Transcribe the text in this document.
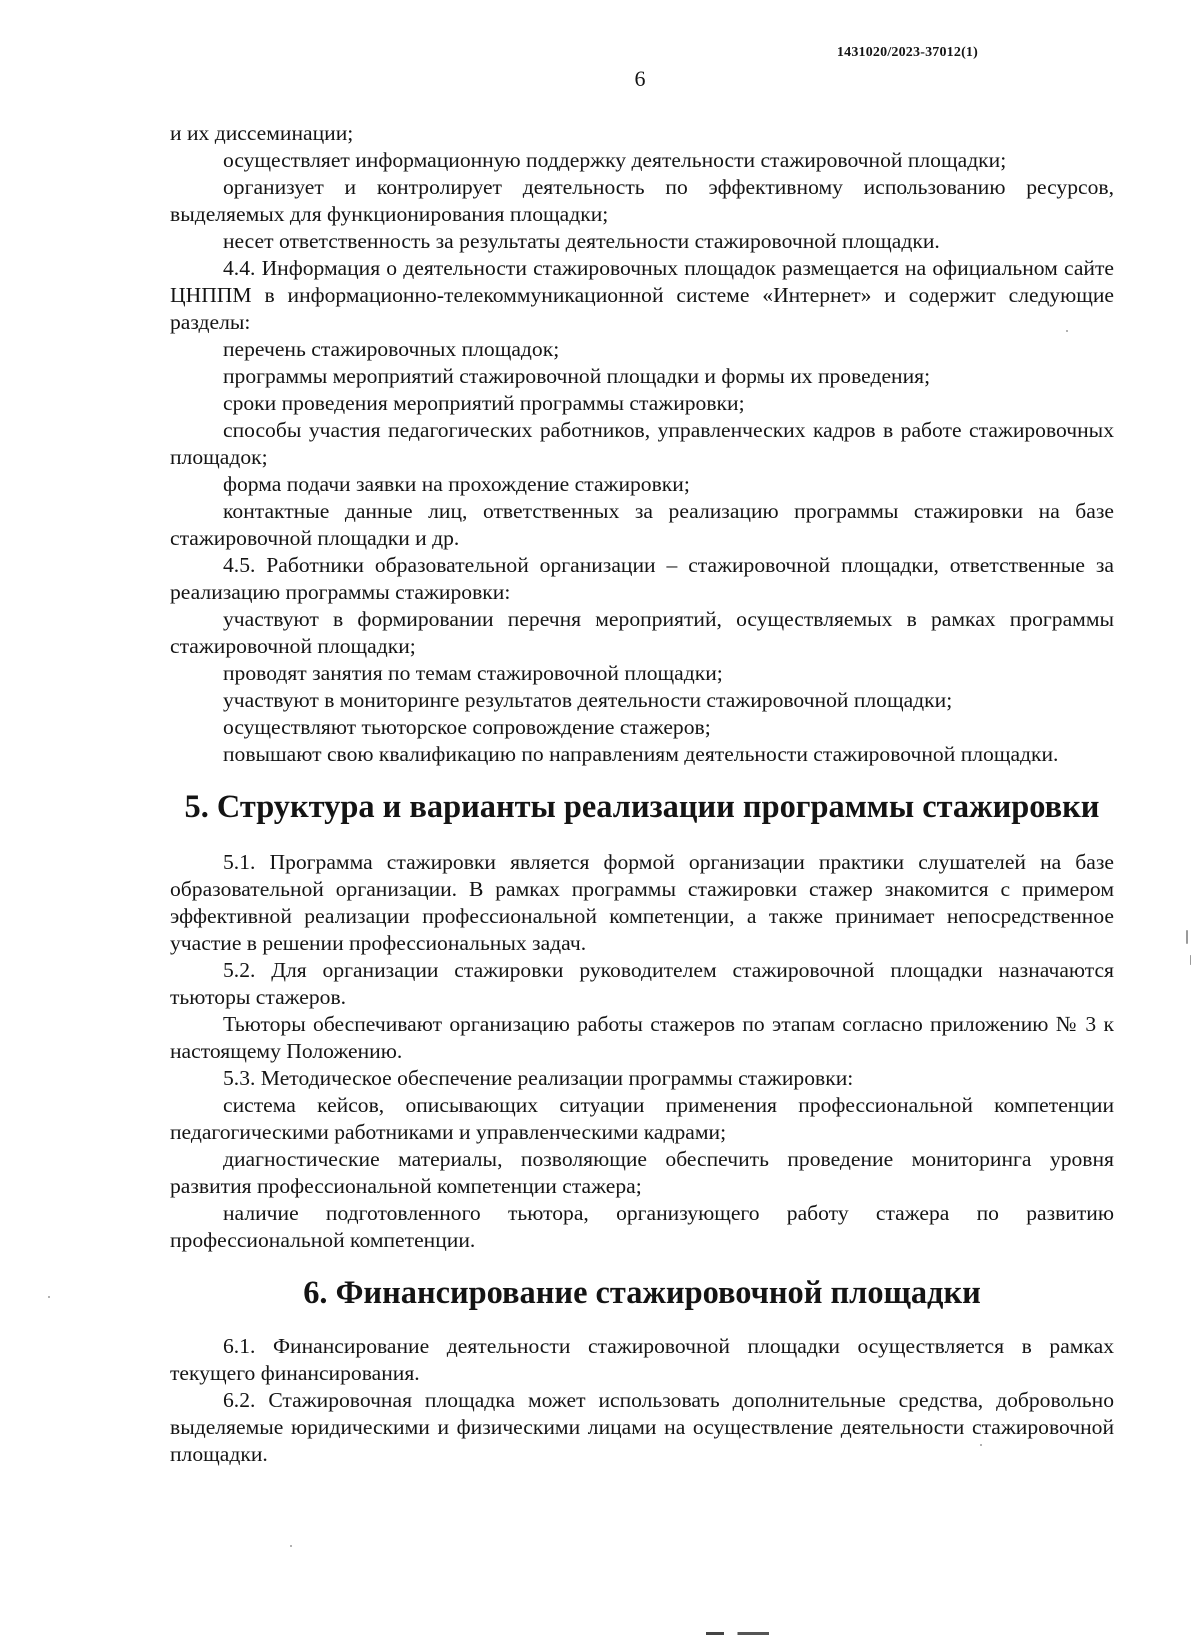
1431020/2023-37012(1)
6

и их диссеминации;

осуществляет информационную поддержку деятельности стажировочной площадки;

организует и контролирует деятельность по эффективному использованию ресурсов, выделяемых для функционирования площадки;

несет ответственность за результаты деятельности стажировочной площадки.

4.4. Информация о деятельности стажировочных площадок размещается на официальном сайте ЦНППМ в информационно-телекоммуникационной системе «Интернет» и содержит следующие разделы:

перечень стажировочных площадок;

программы мероприятий стажировочной площадки и формы их проведения;

сроки проведения мероприятий программы стажировки;

способы участия педагогических работников, управленческих кадров в работе стажировочных площадок;

форма подачи заявки на прохождение стажировки;

контактные данные лиц, ответственных за реализацию программы стажировки на базе стажировочной площадки и др.

4.5. Работники образовательной организации – стажировочной площадки, ответственные за реализацию программы стажировки:

участвуют в формировании перечня мероприятий, осуществляемых в рамках программы стажировочной площадки;

проводят занятия по темам стажировочной площадки;

участвуют в мониторинге результатов деятельности стажировочной площадки;

осуществляют тьюторское сопровождение стажеров;

повышают свою квалификацию по направлениям деятельности стажировочной площадки.

5. Структура и варианты реализации программы стажировки

5.1. Программа стажировки является формой организации практики слушателей на базе образовательной организации. В рамках программы стажировки стажер знакомится с примером эффективной реализации профессиональной компетенции, а также принимает непосредственное участие в решении профессиональных задач.

5.2. Для организации стажировки руководителем стажировочной площадки назначаются тьюторы стажеров.

Тьюторы обеспечивают организацию работы стажеров по этапам согласно приложению № 3 к настоящему Положению.

5.3. Методическое обеспечение реализации программы стажировки:

система кейсов, описывающих ситуации применения профессиональной компетенции педагогическими работниками и управленческими кадрами;

диагностические материалы, позволяющие обеспечить проведение мониторинга уровня развития профессиональной компетенции стажера;

наличие подготовленного тьютора, организующего работу стажера по развитию профессиональной компетенции.

6. Финансирование стажировочной площадки

6.1. Финансирование деятельности стажировочной площадки осуществляется в рамках текущего финансирования.

6.2. Стажировочная площадка может использовать дополнительные средства, добровольно выделяемые юридическими и физическими лицами на осуществление деятельности стажировочной площадки.
